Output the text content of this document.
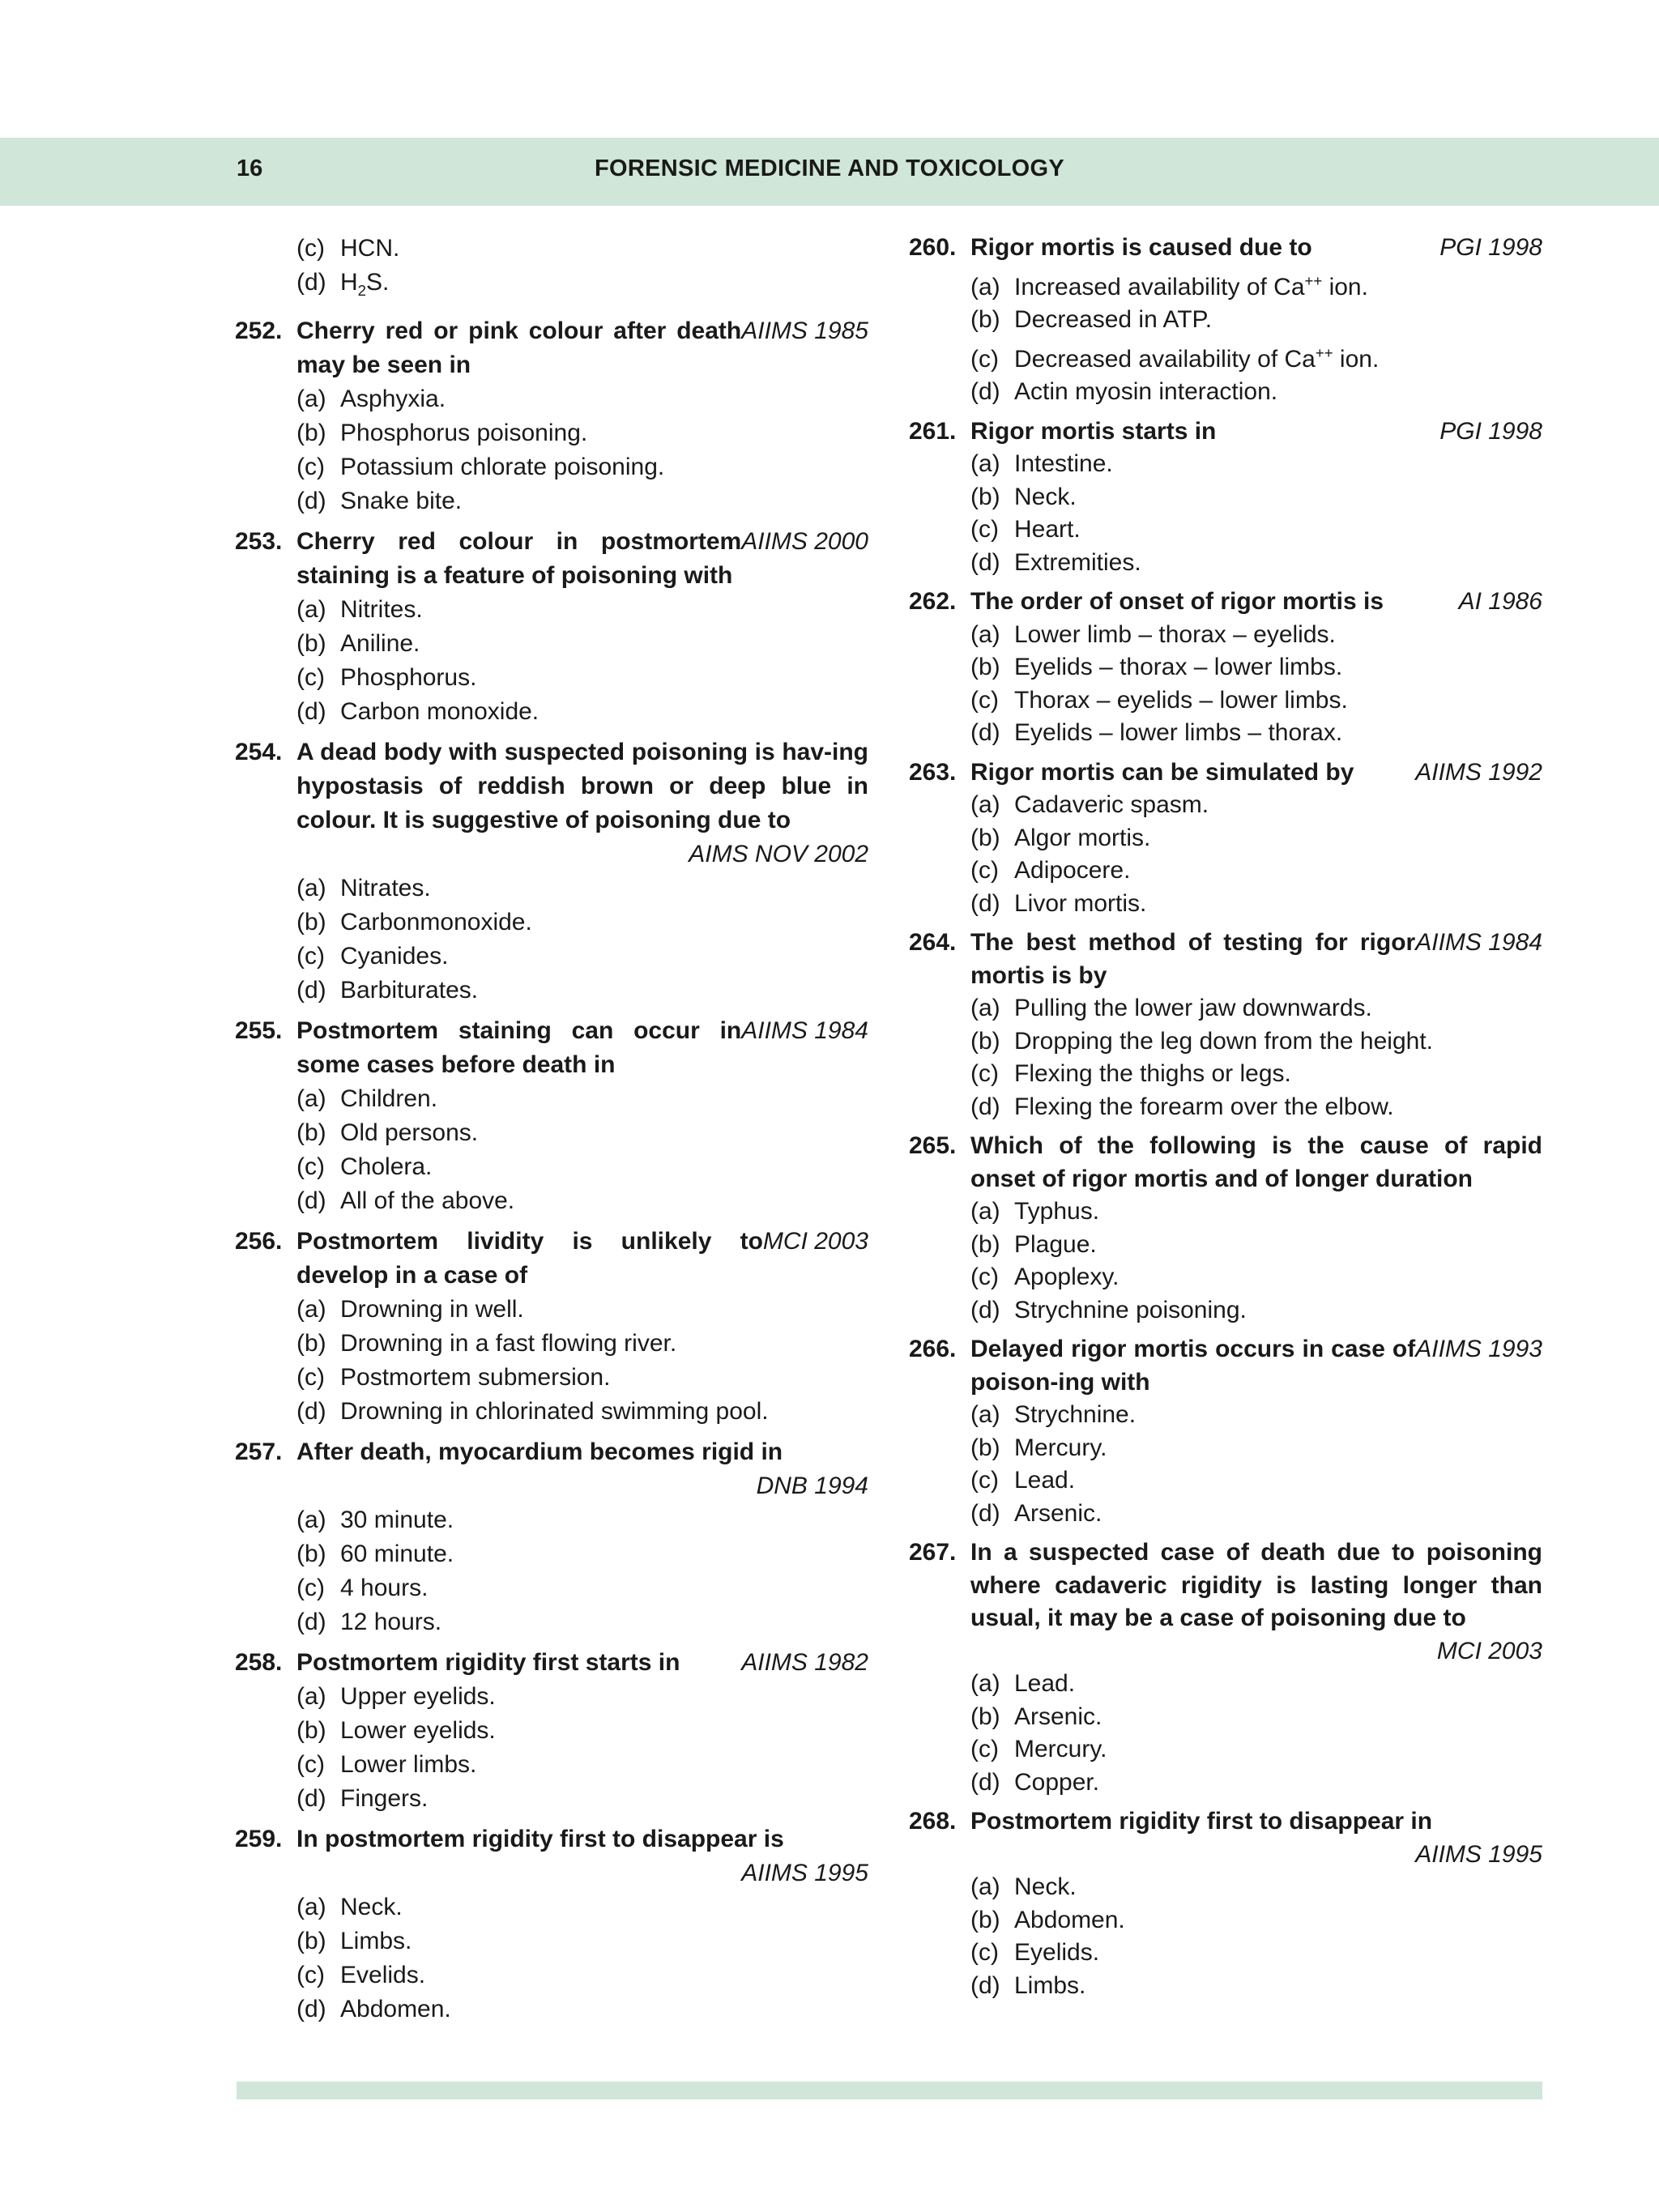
16	FORENSIC MEDICINE AND TOXICOLOGY
(c) HCN.
(d) $H_2S$.
252.	AIIMS 1985
Cherry red or pink colour after death may be seen in
(a) Asphyxia.
(b) Phosphorus poisoning.
(c) Potassium chlorate poisoning.
(d) Snake bite.
253.	AIIMS 2000
Cherry red colour in postmortem staining is a feature of poisoning with
(a) Nitrites.
(b) Aniline.
(c) Phosphorus.
(d) Carbon monoxide.
254. A dead body with suspected poisoning is hav-ing hypostasis of reddish brown or deep blue in colour. It is suggestive of poisoning due to
AIMS NOV 2002
(a) Nitrates.
(b) Carbonmonoxide.
(c) Cyanides.
(d) Barbiturates.
255.	AIIMS 1984
Postmortem staining can occur in some cases before death in
(a) Children.
(b) Old persons.
(c) Cholera.
(d) All of the above.
256.	MCI 2003
Postmortem lividity is unlikely to develop in a case of
(a) Drowning in well.
(b) Drowning in a fast flowing river.
(c) Postmortem submersion.
(d) Drowning in chlorinated swimming pool.
257. After death, myocardium becomes rigid in
DNB 1994
(a) 30 minute.
(b) 60 minute.
(c) 4 hours.
(d) 12 hours.
258.	AIIMS 1982
Postmortem rigidity first starts in
(a) Upper eyelids.
(b) Lower eyelids.
(c) Lower limbs.
(d) Fingers.
259. In postmortem rigidity first to disappear is
AIIMS 1995
(a) Neck.
(b) Limbs.
(c) Evelids.
(d) Abdomen.
260.	PGI 1998
Rigor mortis is caused due to
(a) Increased availability of Ca++ ion.
(b) Decreased in ATP.
(c) Decreased availability of Ca++ ion.
(d) Actin myosin interaction.
261.	PGI 1998
Rigor mortis starts in
(a) Intestine.
(b) Neck.
(c) Heart.
(d) Extremities.
262.	AI 1986
The order of onset of rigor mortis is
(a) Lower limb – thorax – eyelids.
(b) Eyelids – thorax – lower limbs.
(c) Thorax – eyelids – lower limbs.
(d) Eyelids – lower limbs – thorax.
263.	AIIMS 1992
Rigor mortis can be simulated by
(a) Cadaveric spasm.
(b) Algor mortis.
(c) Adipocere.
(d) Livor mortis.
264.	AIIMS 1984
The best method of testing for rigor mortis is by
(a) Pulling the lower jaw downwards.
(b) Dropping the leg down from the height.
(c) Flexing the thighs or legs.
(d) Flexing the forearm over the elbow.
265. Which of the following is the cause of rapid onset of rigor mortis and of longer duration
(a) Typhus.
(b) Plague.
(c) Apoplexy.
(d) Strychnine poisoning.
266.	AIIMS 1993
Delayed rigor mortis occurs in case of poison-ing with
(a) Strychnine.
(b) Mercury.
(c) Lead.
(d) Arsenic.
267. In a suspected case of death due to poisoning where cadaveric rigidity is lasting longer than usual, it may be a case of poisoning due to
MCI 2003
(a) Lead.
(b) Arsenic.
(c) Mercury.
(d) Copper.
268. Postmortem rigidity first to disappear in
AIIMS 1995
(a) Neck.
(b) Abdomen.
(c) Eyelids.
(d) Limbs.
